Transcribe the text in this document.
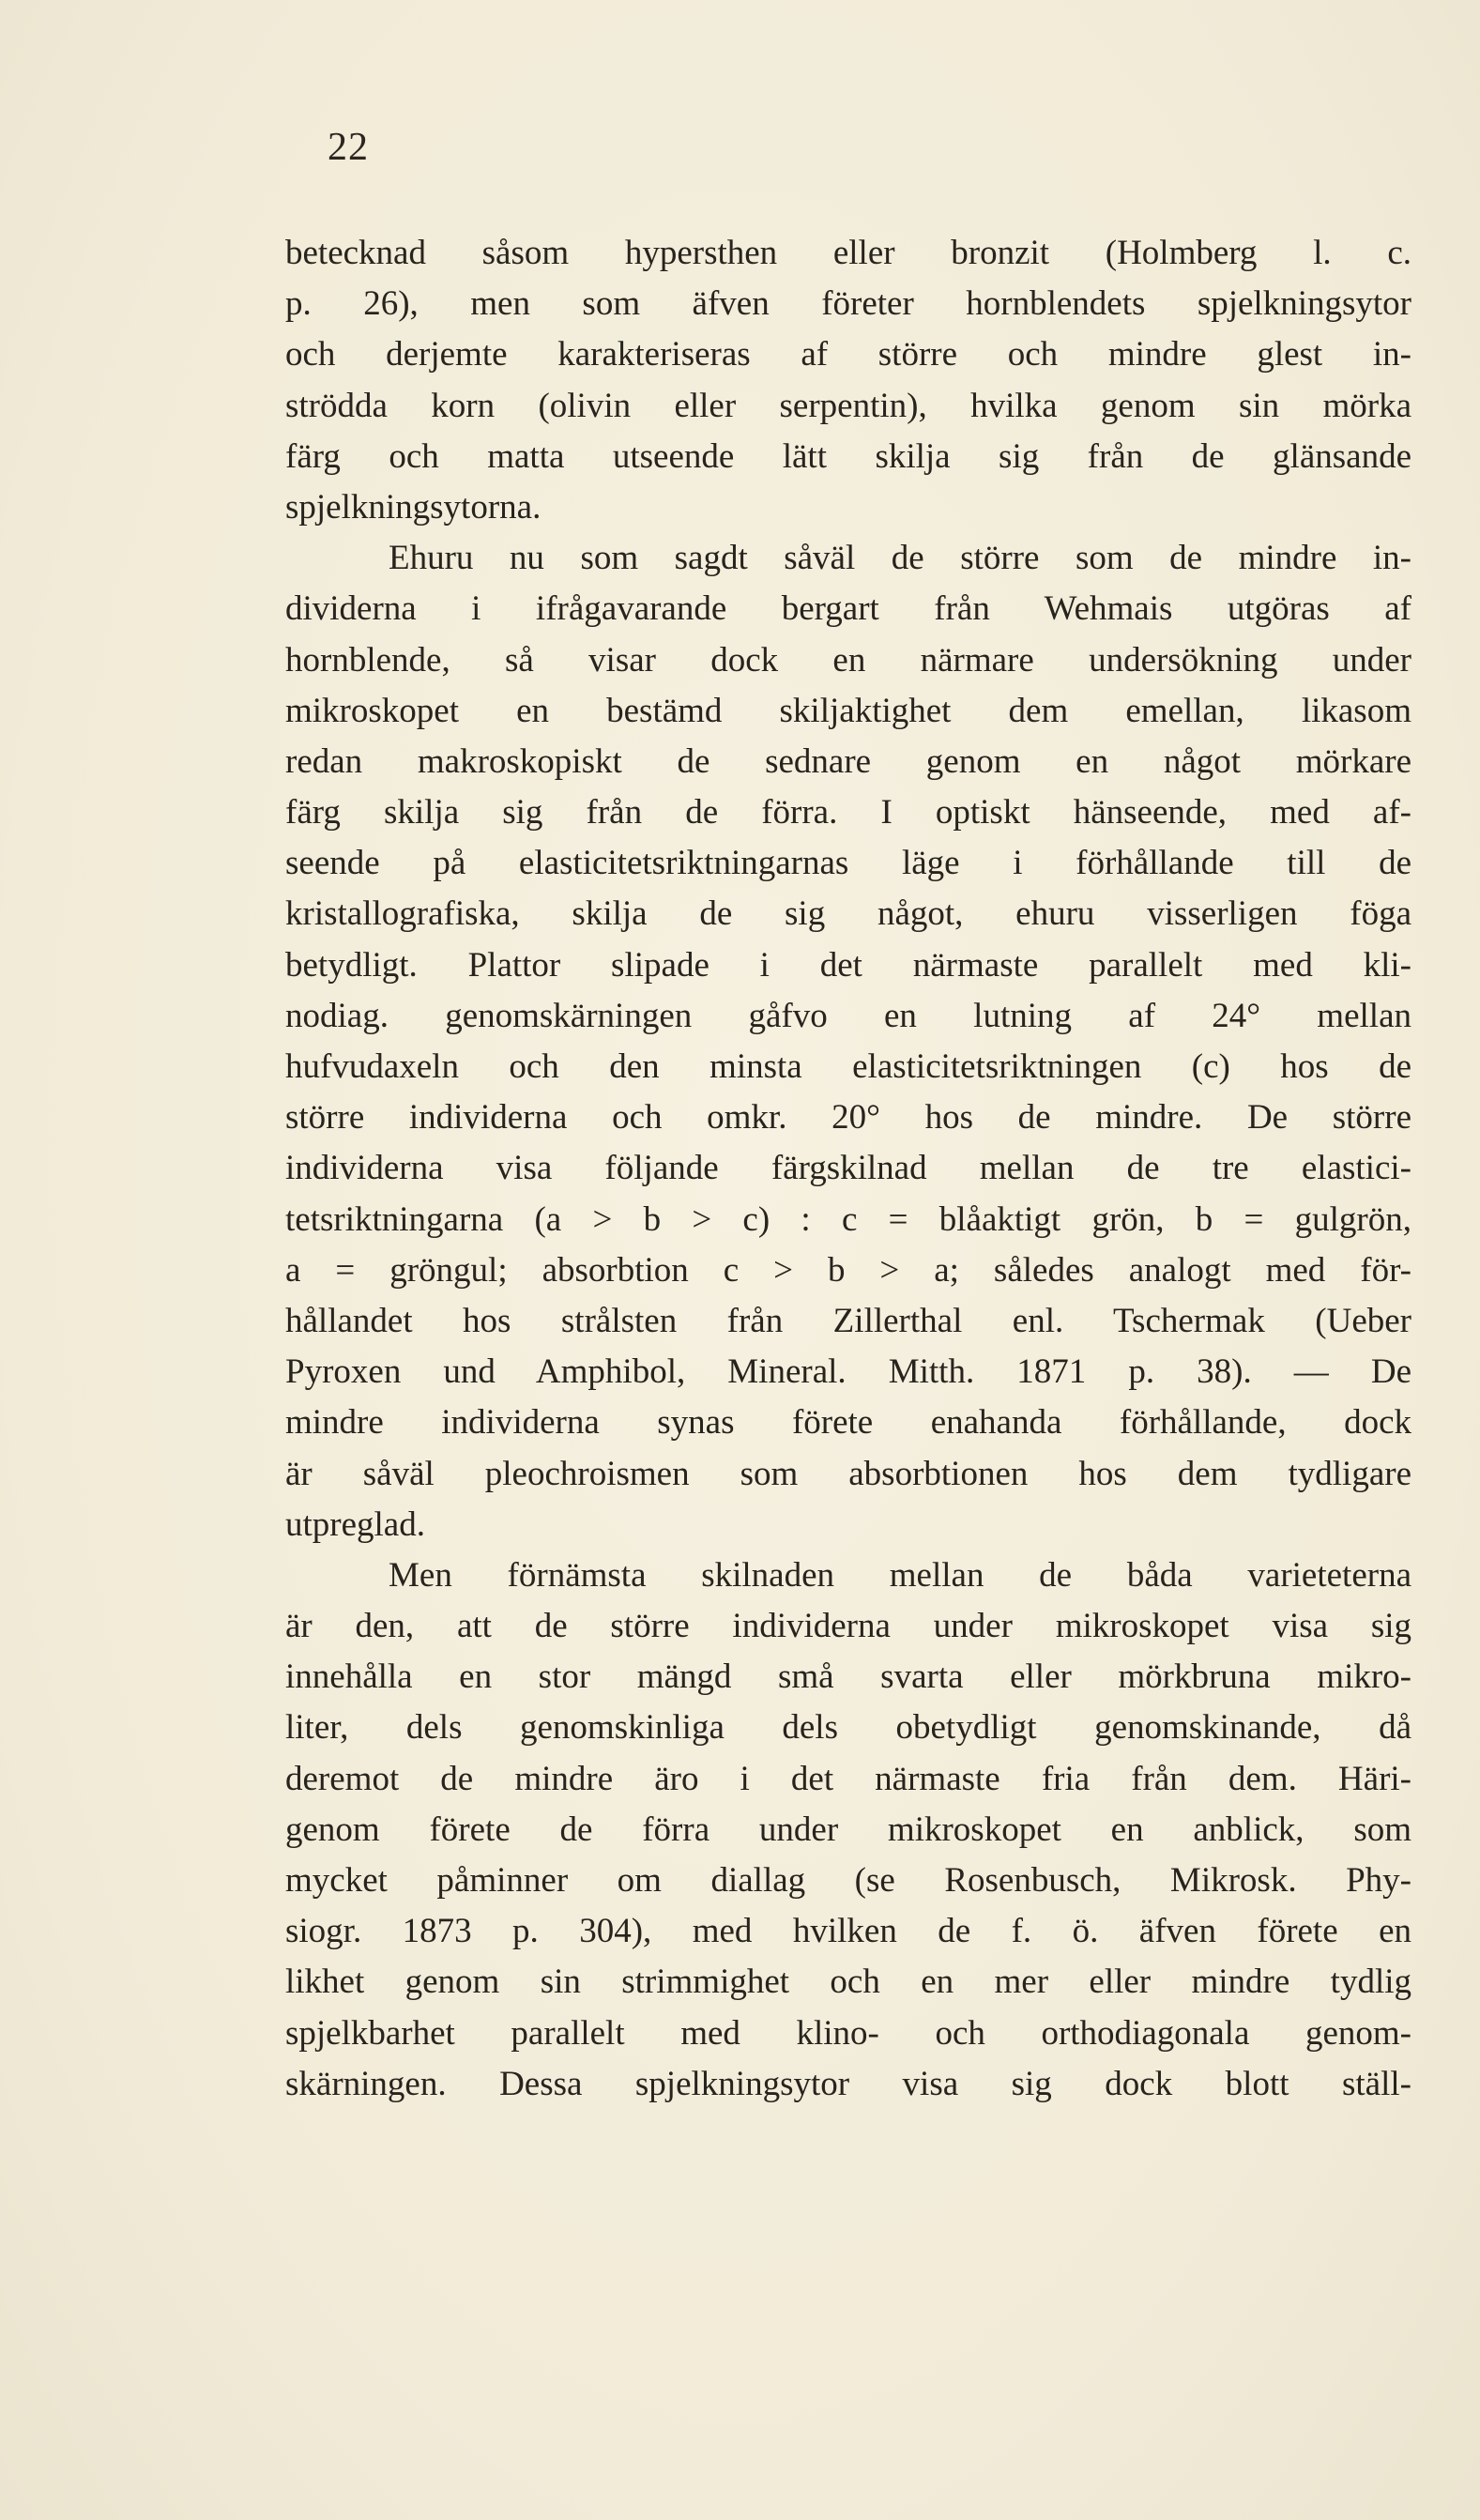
22
betecknad såsom hypersthen eller bronzit (Holmberg l. c.
p. 26), men som äfven företer hornblendets spjelkningsytor
och derjemte karakteriseras af större och mindre glest in-
strödda korn (olivin eller serpentin), hvilka genom sin mörka
färg och matta utseende lätt skilja sig från de glänsande
spjelkningsytorna.
Ehuru nu som sagdt såväl de större som de mindre in-
dividerna i ifrågavarande bergart från Wehmais utgöras af
hornblende, så visar dock en närmare undersökning under
mikroskopet en bestämd skiljaktighet dem emellan, likasom
redan makroskopiskt de sednare genom en något mörkare
färg skilja sig från de förra. I optiskt hänseende, med af-
seende på elasticitetsriktningarnas läge i förhållande till de
kristallografiska, skilja de sig något, ehuru visserligen föga
betydligt. Plattor slipade i det närmaste parallelt med kli-
nodiag. genomskärningen gåfvo en lutning af 24° mellan
hufvudaxeln och den minsta elasticitetsriktningen (c) hos de
större individerna och omkr. 20° hos de mindre. De större
individerna visa följande färgskilnad mellan de tre elastici-
tetsriktningarna (a > b > c) : c = blåaktigt grön, b = gulgrön,
a = gröngul; absorbtion c > b > a; således analogt med för-
hållandet hos strålsten från Zillerthal enl. Tschermak (Ueber
Pyroxen und Amphibol, Mineral. Mitth. 1871 p. 38). — De
mindre individerna synas förete enahanda förhållande, dock
är såväl pleochroismen som absorbtionen hos dem tydligare
utpreglad.
Men förnämsta skilnaden mellan de båda varieteterna
är den, att de större individerna under mikroskopet visa sig
innehålla en stor mängd små svarta eller mörkbruna mikro-
liter, dels genomskinliga dels obetydligt genomskinande, då
deremot de mindre äro i det närmaste fria från dem. Häri-
genom förete de förra under mikroskopet en anblick, som
mycket påminner om diallag (se Rosenbusch, Mikrosk. Phy-
siogr. 1873 p. 304), med hvilken de f. ö. äfven förete en
likhet genom sin strimmighet och en mer eller mindre tydlig
spjelkbarhet parallelt med klino- och orthodiagonala genom-
skärningen. Dessa spjelkningsytor visa sig dock blott ställ-
